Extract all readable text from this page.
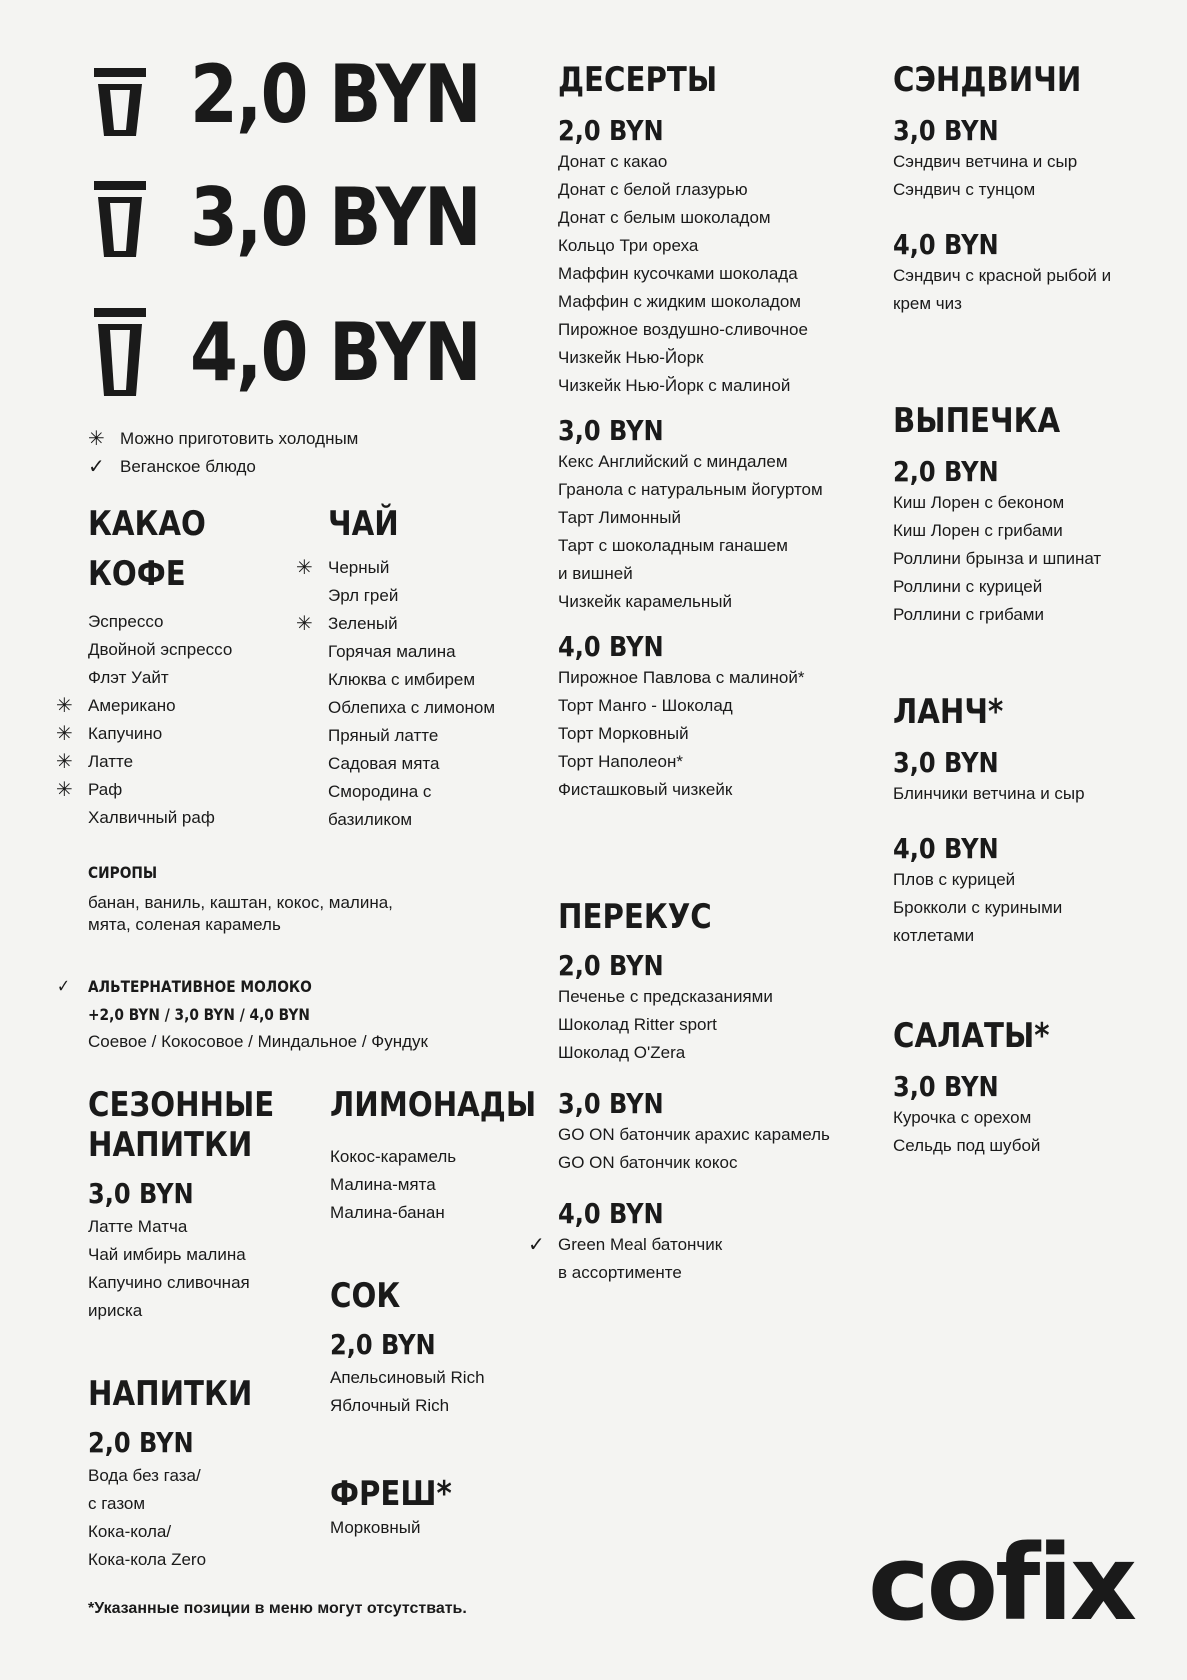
2,0 BYN
3,0 BYN
4,0 BYN
✳ Можно приготовить холодным
✓ Веганское блюдо
КАКАО
КОФЕ
Эспрессо
Двойной эспрессо
Флэт Уайт
✳ Американо
✳ Капучино
✳ Латте
✳ Раф
Халвичный раф
ЧАЙ
✳ Черный
Эрл грей
✳ Зеленый
Горячая малина
Клюква с имбирем
Облепиха с лимоном
Пряный латте
Садовая мята
Смородина с
базиликом
СИРОПЫ
банан, ваниль, каштан, кокос, малина,
мята, соленая карамель
✓ АЛЬТЕРНАТИВНОЕ МОЛОКО
+2,0 BYN / 3,0 BYN / 4,0 BYN
Соевое / Кокосовое / Миндальное / Фундук
СЕЗОННЫЕ
НАПИТКИ
3,0 BYN
Латте Матча
Чай имбирь малина
Капучино сливочная
ириска
НАПИТКИ
2,0 BYN
Вода без газа/
с газом
Кока-кола/
Кока-кола Zero
ЛИМОНАДЫ
Кокос-карамель
Малина-мята
Малина-банан
СОК
2,0 BYN
Апельсиновый Rich
Яблочный Rich
ФРЕШ*
Морковный
ДЕСЕРТЫ
2,0 BYN
Донат с какао
Донат с белой глазурью
Донат с белым шоколадом
Кольцо Три ореха
Маффин кусочками шоколада
Маффин с жидким шоколадом
Пирожное воздушно-сливочное
Чизкейк Нью-Йорк
Чизкейк Нью-Йорк с малиной
3,0 BYN
Кекс Английский с миндалем
Гранола с натуральным йогуртом
Тарт Лимонный
Тарт с шоколадным ганашем
и вишней
Чизкейк карамельный
4,0 BYN
Пирожное Павлова с малиной*
Торт Манго - Шоколад
Торт Морковный
Торт Наполеон*
Фисташковый чизкейк
ПЕРЕКУС
2,0 BYN
Печенье с предсказаниями
Шоколад Ritter sport
Шоколад O'Zera
3,0 BYN
GO ON батончик арахис карамель
GO ON батончик кокос
4,0 BYN
✓ Green Meal батончик
в ассортименте
СЭНДВИЧИ
3,0 BYN
Сэндвич ветчина и сыр
Сэндвич с тунцом
4,0 BYN
Сэндвич с красной рыбой и
крем чиз
ВЫПЕЧКА
2,0 BYN
Киш Лорен с беконом
Киш Лорен с грибами
Роллини брынза и шпинат
Роллини с курицей
Роллини с грибами
ЛАНЧ*
3,0 BYN
Блинчики ветчина и сыр
4,0 BYN
Плов с курицей
Брокколи с куриными
котлетами
САЛАТЫ*
3,0 BYN
Курочка с орехом
Сельдь под шубой
*Указанные позиции в меню могут отсутствать.	cofix
